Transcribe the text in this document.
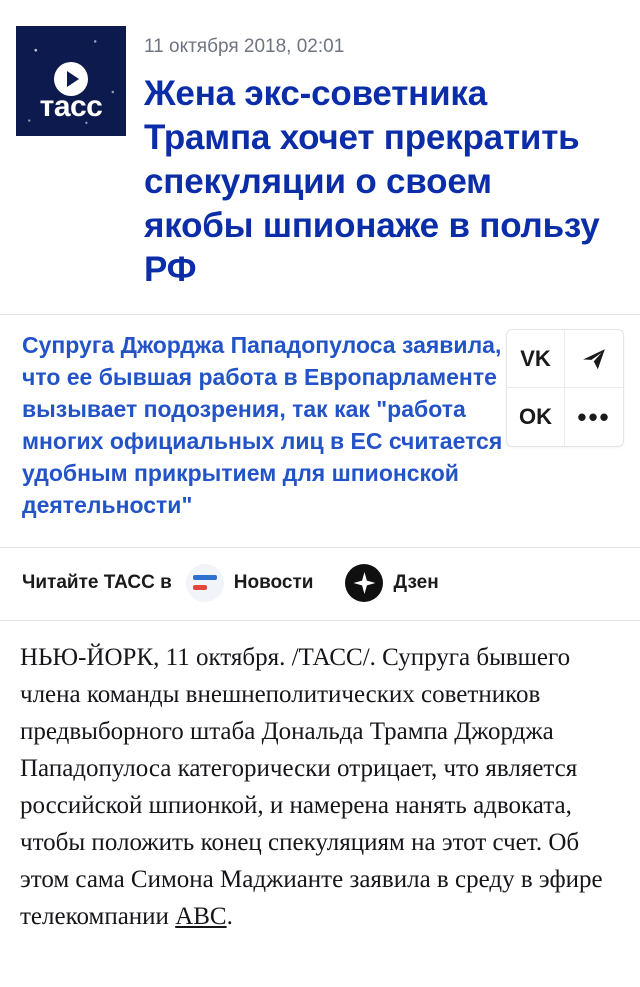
тасс
11 октября 2018, 02:01
Жена экс-советника Трампа хочет прекратить спекуляции о своем якобы шпионаже в пользу РФ

Супруга Джорджа Пападопулоса заявила, что ее бывшая работа в Европарламенте вызывает подозрения, так как "работа многих официальных лиц в ЕС считается удобным прикрытием для шпионской деятельности"

VK
OK •••
Читайте ТАСС в	Новости	Дзен

НЬЮ-ЙОРК, 11 октября. /ТАСС/. Супруга бывшего члена команды внешнеполитических советников предвыборного штаба Дональда Трампа Джорджа Пападопулоса категорически отрицает, что является российской шпионкой, и намерена нанять адвоката, чтобы положить конец спекуляциям на этот счет. Об этом сама Симона Маджианте заявила в среду в эфире телекомпании ABC.
